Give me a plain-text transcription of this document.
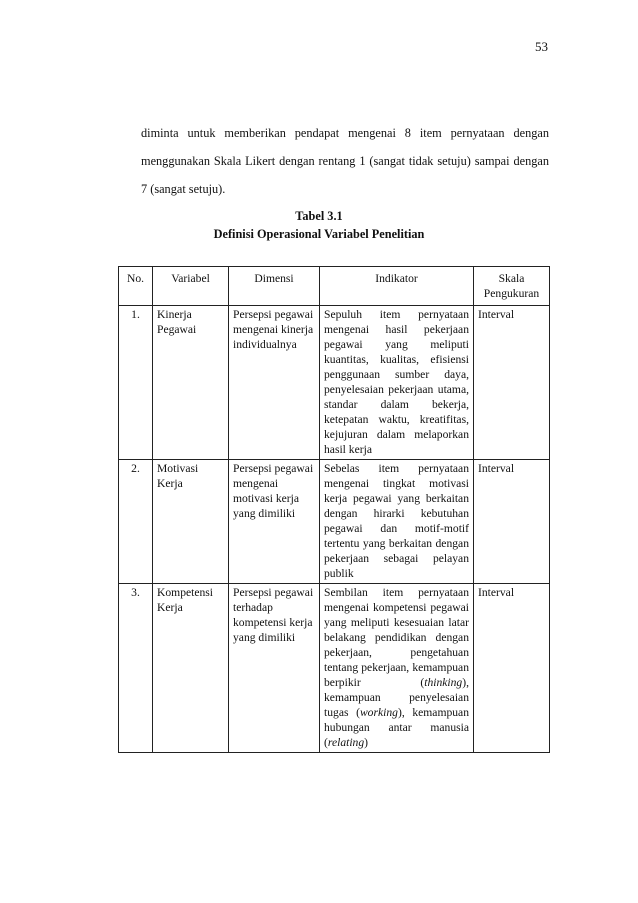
53

diminta untuk memberikan pendapat mengenai 8 item pernyataan dengan menggunakan Skala Likert dengan rentang 1 (sangat tidak setuju) sampai dengan 7 (sangat setuju).

Tabel 3.1
Definisi Operasional Variabel Penelitian
No.	Variabel	Dimensi	Indikator	Skala Pengukuran
1.	Kinerja Pegawai	Persepsi pegawai mengenai kinerja individualnya	Sepuluh item pernyataan mengenai hasil pekerjaan pegawai yang meliputi kuantitas, kualitas, efisiensi penggunaan sumber daya, penyelesaian pekerjaan utama, standar dalam bekerja, ketepatan waktu, kreatifitas, kejujuran dalam melaporkan hasil kerja	Interval
2.	Motivasi Kerja	Persepsi pegawai mengenai motivasi kerja yang dimiliki	Sebelas item pernyataan mengenai tingkat motivasi kerja pegawai yang berkaitan dengan hirarki kebutuhan pegawai dan motif-motif tertentu yang berkaitan dengan pekerjaan sebagai pelayan publik	Interval
3.	Kompetensi Kerja	Persepsi pegawai terhadap kompetensi kerja yang dimiliki	Sembilan item pernyataan mengenai kompetensi pegawai yang meliputi kesesuaian latar belakang pendidikan dengan pekerjaan, pengetahuan tentang pekerjaan, kemampuan berpikir (thinking), kemampuan penyelesaian tugas (working), kemampuan hubungan antar manusia (relating)	Interval
